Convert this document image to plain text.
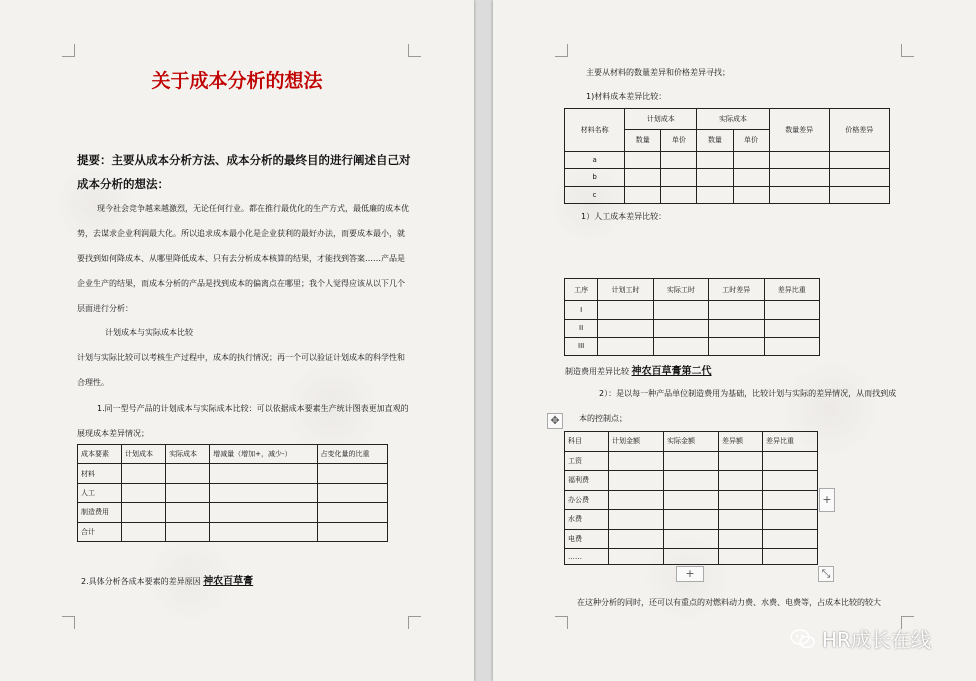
关于成本分析的想法
提要：主要从成本分析方法、成本分析的最终目的进行阐述自己对成本分析的想法：
现今社会竞争越来越激烈，无论任何行业。都在推行最优化的生产方式，最低廉的成本优势，去谋求企业利润最大化。所以追求成本最小化是企业获利的最好办法，而要成本最小，就要找到如何降成本、从哪里降低成本、只有去分析成本核算的结果，才能找到答案……产品是企业生产的结果，而成本分析的产品是找到成本的偏离点在哪里；我个人觉得应该从以下几个层面进行分析：
计划成本与实际成本比较
计划与实际比较可以考核生产过程中，成本的执行情况；再一个可以验证计划成本的科学性和合理性。
1.同一型号产品的计划成本与实际成本比较：可以依据成本要素生产统计图表更加直观的展现成本差异情况；
成本要素	计划成本	实际成本	增减量（增加+，减少-）	占变化量的比重
材料				
人工				
制造费用				
合计				
2.具体分析各成本要素的差异原因 神农百草膏
主要从材料的数量差异和价格差异寻找；
1)材料成本差异比较：
材料名称	计划成本		实际成本		数量差异	价格差异
	数量	单价	数量	单价		
a						
b						
c						
1）人工成本差异比较：
工序	计划工时	实际工时	工时差异	差异比重
I				
II				
III				
制造费用差异比较 神农百草膏第二代
2）：是以每一种产品单位制造费用为基础，比较计划与实际的差异情况，从而找到成本的控制点；
✥
科目	计划金额	实际金额	差异额	差异比重
工资				
福利费				
办公费				
水费				
电费				
……				
+
+	⤡
在这种分析的同时，还可以有重点的对燃料动力费、水费、电费等，占成本比较的较大
HR成长在线
